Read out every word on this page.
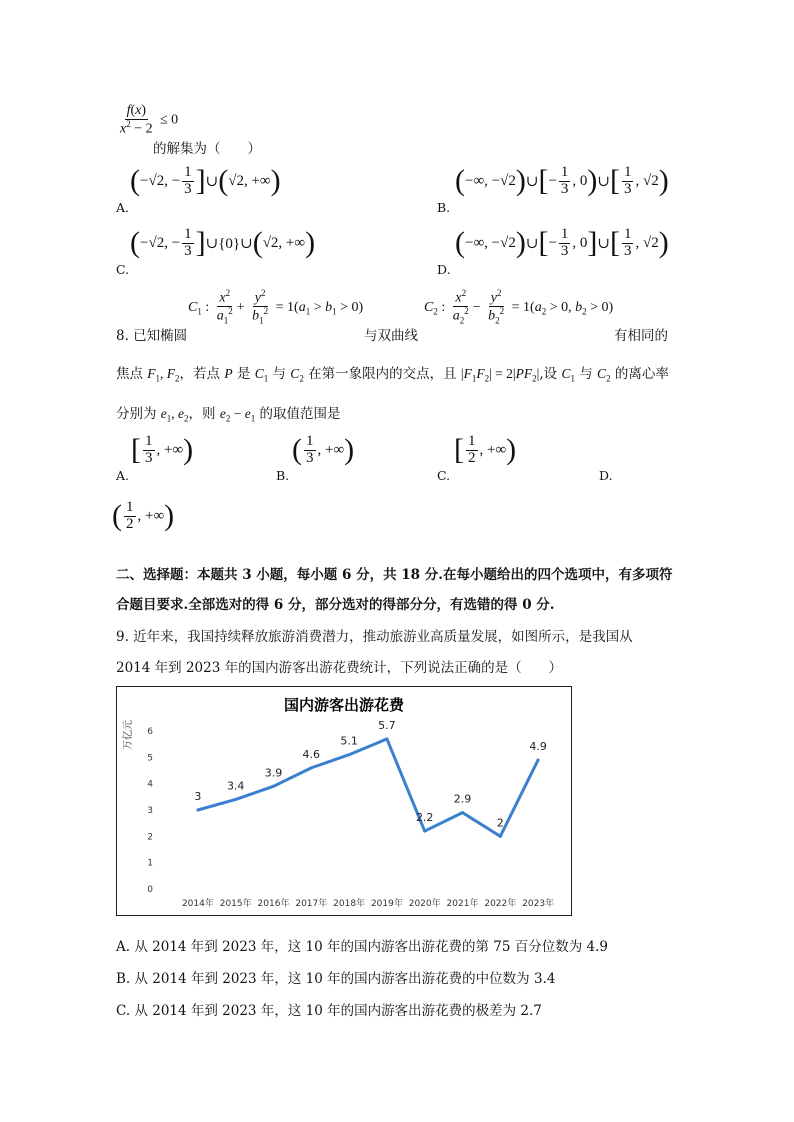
$\frac{f(x)}{x^2 - 2} \le 0$
的解集为（　　）
A.
( −√2, − $\frac{1}{3}$ ] ∪ ( √2, +∞ )
B.
( −∞, −√2 ) ∪ [ − $\frac{1}{3}$ , 0 ) ∪ [ $\frac{1}{3}$ , √2 )
C.
( −√2, − $\frac{1}{3}$ ] ∪{0}∪ ( √2, +∞ )
D.
( −∞, −√2 ) ∪ [ − $\frac{1}{3}$ , 0 ] ∪ [ $\frac{1}{3}$ , √2 )
$C_1$ : $\frac{x^2}{a_1^2} + \frac{y^2}{b_1^2} = 1(a_1 > b_1 > 0)$	$C_2$ : $\frac{x^2}{a_2^2} - \frac{y^2}{b_2^2} = 1(a_2 > 0$, $b_2 > 0$)
8. 已知椭圆	与双曲线	有相同的
焦点 $F_1$, $F_2$，若点 P 是 $C_1$ 与 $C_2$ 在第一象限内的交点，且 $|F_1F_2| = 2|PF_2|$,设 $C_1$ 与 $C_2$ 的离心率
分别为 $e_1$, $e_2$，则 $e_2 - e_1$ 的取值范围是
A.
[ $\frac{1}{3}$ , +∞ )
B.
( $\frac{1}{3}$ , +∞ )
C.
[ $\frac{1}{2}$ , +∞ )
D.
( $\frac{1}{2}$ , +∞ )
二、选择题：本题共 3 小题，每小题 6 分，共 18 分.在每小题给出的四个选项中，有多项符
合题目要求.全部选对的得 6 分，部分选对的得部分分，有选错的得 0 分.
9. 近年来，我国持续释放旅游消费潜力，推动旅游业高质量发展，如图所示，是我国从
2014 年到 2023 年的国内游客出游花费统计，下列说法正确的是（　　）
国内游客出游花费
万亿元
0
1
2
3
4
5
6
2014年 2015年 2016年 2017年 2018年 2019年 2020年 2021年 2022年 2023年
3
3.4
3.9
4.6
5.1
5.7
2.2
2.9
2
4.9
A. 从 2014 年到 2023 年，这 10 年的国内游客出游花费的第 75 百分位数为 4.9
B. 从 2014 年到 2023 年，这 10 年的国内游客出游花费的中位数为 3.4
C. 从 2014 年到 2023 年，这 10 年的国内游客出游花费的极差为 2.7
